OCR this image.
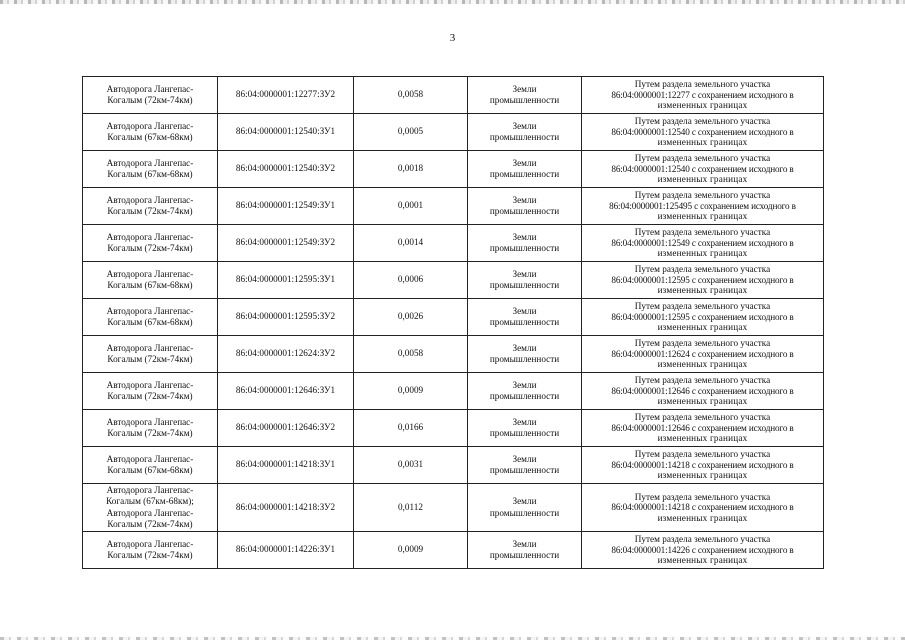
3
Автодорога Лангепас-
Когалым (72км-74км)	86:04:0000001:12277:ЗУ2	0,0058	Земли
промышленности	Путем раздела земельного участка
86:04:0000001:12277 с сохранением исходного в
измененных границах

Автодорога Лангепас-
Когалым (67км-68км)	86:04:0000001:12540:ЗУ1	0,0005	Земли
промышленности	Путем раздела земельного участка
86:04:0000001:12540 с сохранением исходного в
измененных границах

Автодорога Лангепас-
Когалым (67км-68км)	86:04:0000001:12540:ЗУ2	0,0018	Земли
промышленности	Путем раздела земельного участка
86:04:0000001:12540 с сохранением исходного в
измененных границах

Автодорога Лангепас-
Когалым (72км-74км)	86:04:0000001:12549:ЗУ1	0,0001	Земли
промышленности	Путем раздела земельного участка
86:04:0000001:125495 с сохранением исходного в
измененных границах

Автодорога Лангепас-
Когалым (72км-74км)	86:04:0000001:12549:ЗУ2	0,0014	Земли
промышленности	Путем раздела земельного участка
86:04:0000001:12549 с сохранением исходного в
измененных границах

Автодорога Лангепас-
Когалым (67км-68км)	86:04:0000001:12595:ЗУ1	0,0006	Земли
промышленности	Путем раздела земельного участка
86:04:0000001:12595 с сохранением исходного в
измененных границах

Автодорога Лангепас-
Когалым (67км-68км)	86:04:0000001:12595:ЗУ2	0,0026	Земли
промышленности	Путем раздела земельного участка
86:04:0000001:12595 с сохранением исходного в
измененных границах

Автодорога Лангепас-
Когалым (72км-74км)	86:04:0000001:12624:ЗУ2	0,0058	Земли
промышленности	Путем раздела земельного участка
86:04:0000001:12624 с сохранением исходного в
измененных границах

Автодорога Лангепас-
Когалым (72км-74км)	86:04:0000001:12646:ЗУ1	0,0009	Земли
промышленности	Путем раздела земельного участка
86:04:0000001:12646 с сохранением исходного в
измененных границах

Автодорога Лангепас-
Когалым (72км-74км)	86:04:0000001:12646:ЗУ2	0,0166	Земли
промышленности	Путем раздела земельного участка
86:04:0000001:12646 с сохранением исходного в
измененных границах

Автодорога Лангепас-
Когалым (67км-68км)	86:04:0000001:14218:ЗУ1	0,0031	Земли
промышленности	Путем раздела земельного участка
86:04:0000001:14218 с сохранением исходного в
измененных границах

Автодорога Лангепас-
Когалым (67км-68км);
Автодорога Лангепас-
Когалым (72км-74км)	86:04:0000001:14218:ЗУ2	0,0112	Земли
промышленности	Путем раздела земельного участка
86:04:0000001:14218 с сохранением исходного в
измененных границах

Автодорога Лангепас-
Когалым (72км-74км)	86:04:0000001:14226:ЗУ1	0,0009	Земли
промышленности	Путем раздела земельного участка
86:04:0000001:14226 с сохранением исходного в
измененных границах
